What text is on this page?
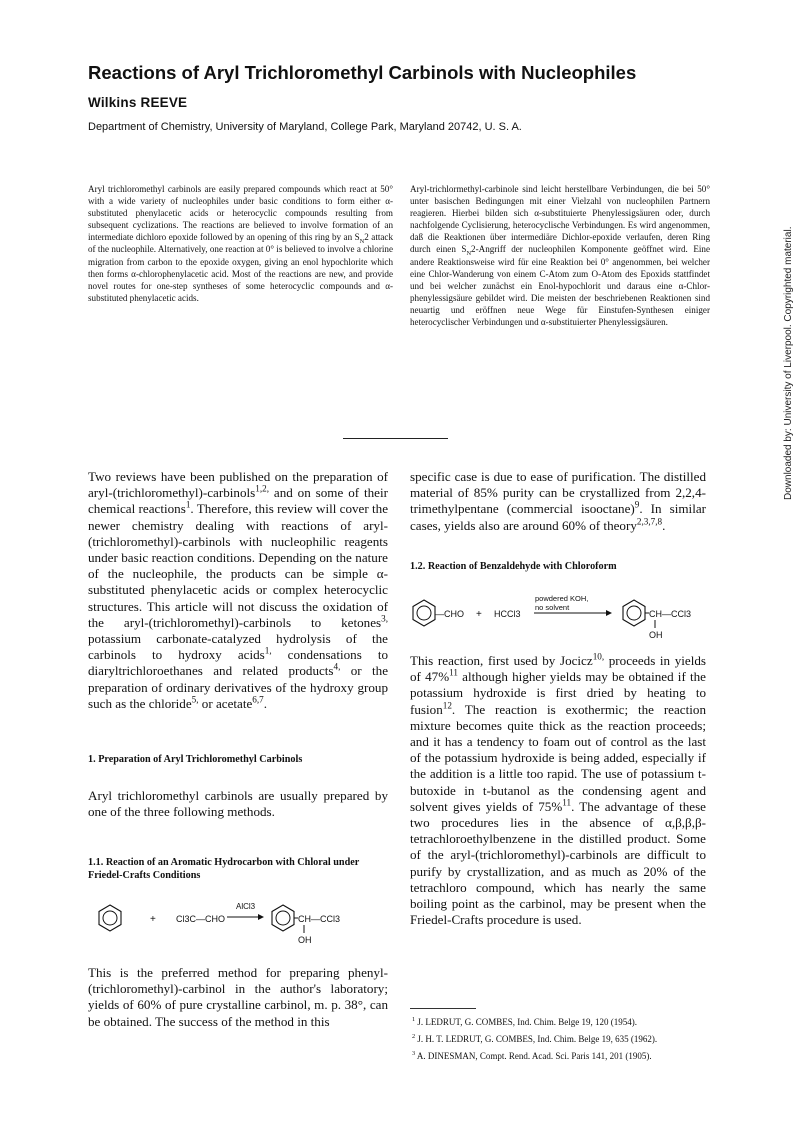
Reactions of Aryl Trichloromethyl Carbinols with Nucleophiles
Wilkins REEVE
Department of Chemistry, University of Maryland, College Park, Maryland 20742, U. S. A.
Aryl trichloromethyl carbinols are easily prepared compounds which react at 50° with a wide variety of nucleophiles under basic conditions to form either α-substituted phenylacetic acids or heterocyclic compounds resulting from subsequent cyclizations. The reactions are believed to involve formation of an intermediate dichloro epoxide followed by an opening of this ring by an $S_N2$ attack of the nucleophile. Alternatively, one reaction at 0° is believed to involve a chlorine migration from carbon to the epoxide oxygen, giving an enol hypochlorite which then forms α-chlorophenylacetic acid. Most of the reactions are new, and provide novel routes for one-step syntheses of some heterocyclic compounds and α-substituted phenylacetic acids.
Aryl-trichlormethyl-carbinole sind leicht herstellbare Verbindungen, die bei 50° unter basischen Bedingungen mit einer Vielzahl von nucleophilen Partnern reagieren. Hierbei bilden sich α-substituierte Phenylessigsäuren oder, durch nachfolgende Cyclisierung, heterocyclische Verbindungen. Es wird angenommen, daß die Reaktionen über intermediäre Dichlor-epoxide verlaufen, deren Ring durch einen $S_N2$-Angriff der nucleophilen Komponente geöffnet wird. Eine andere Reaktionsweise wird für eine Reaktion bei 0° angenommen, bei welcher eine Chlor-Wanderung von einem C-Atom zum O-Atom des Epoxids stattfindet und bei welcher zunächst ein Enol-hypochlorit und daraus eine α-Chlor-phenylessigsäure gebildet wird. Die meisten der beschriebenen Reaktionen sind neuartig und eröffnen neue Wege für Einstufen-Synthesen einiger heterocyclischer Verbindungen und α-substituierter Phenylessigsäuren.
Two reviews have been published on the preparation of aryl-(trichloromethyl)-carbinols$^{1,2,}$ and on some of their chemical reactions$^1$. Therefore, this review will cover the newer chemistry dealing with reactions of aryl-(trichloromethyl)-carbinols with nucleophilic reagents under basic reaction conditions. Depending on the nature of the nucleophile, the products can be simple α-substituted phenylacetic acids or complex heterocyclic structures. This article will not discuss the oxidation of the aryl-(trichloromethyl)-carbinols to ketones$^{3,}$ potassium carbonate-catalyzed hydrolysis of the carbinols to hydroxy acids$^{1,}$ condensations to diaryltrichloroethanes and related products$^{4,}$ or the preparation of ordinary derivatives of the hydroxy group such as the chloride$^{5,}$ or acetate$^{6,7}$.
1. Preparation of Aryl Trichloromethyl Carbinols
Aryl trichloromethyl carbinols are usually prepared by one of the three following methods.
1.1. Reaction of an Aromatic Hydrocarbon with Chloral under Friedel-Crafts Conditions
+ Cl3C—CHO
AlCl3
CH—CCl3
OH
This is the preferred method for preparing phenyl-(trichloromethyl)-carbinol in the author's laboratory; yields of 60% of pure crystalline carbinol, m. p. 38°, can be obtained. The success of the method in this
specific case is due to ease of purification. The distilled material of 85% purity can be crystallized from 2,2,4-trimethylpentane (commercial isooctane)$^9$. In similar cases, yields also are around 60% of theory$^{2,3,7,8}$.
1.2. Reaction of Benzaldehyde with Chloroform
—CHO + HCCl3
powdered KOH,
no solvent
CH—CCl3
OH
This reaction, first used by Jocicz$^{10,}$ proceeds in yields of 47%$^{11}$ although higher yields may be obtained if the potassium hydroxide is first dried by heating to fusion$^{12}$. The reaction is exothermic; the reaction mixture becomes quite thick as the reaction proceeds; and it has a tendency to foam out of control as the last of the potassium hydroxide is being added, especially if the addition is a little too rapid. The use of potassium t-butoxide in t-butanol as the condensing agent and solvent gives yields of 75%$^{11}$. The advantage of these two procedures lies in the absence of α,β,β,β-tetrachloroethylbenzene in the distilled product. Some of the aryl-(trichloromethyl)-carbinols are difficult to purify by crystallization, and as much as 20% of the tetrachloro compound, which has nearly the same boiling point as the carbinol, may be present when the Friedel-Crafts procedure is used.
$^1$ J. LEDRUT, G. COMBES, Ind. Chim. Belge 19, 120 (1954).
$^2$ J. H. T. LEDRUT, G. COMBES, Ind. Chim. Belge 19, 635 (1962).
$^3$ A. DINESMAN, Compt. Rend. Acad. Sci. Paris 141, 201 (1905).
Downloaded by: University of Liverpool. Copyrighted material.
